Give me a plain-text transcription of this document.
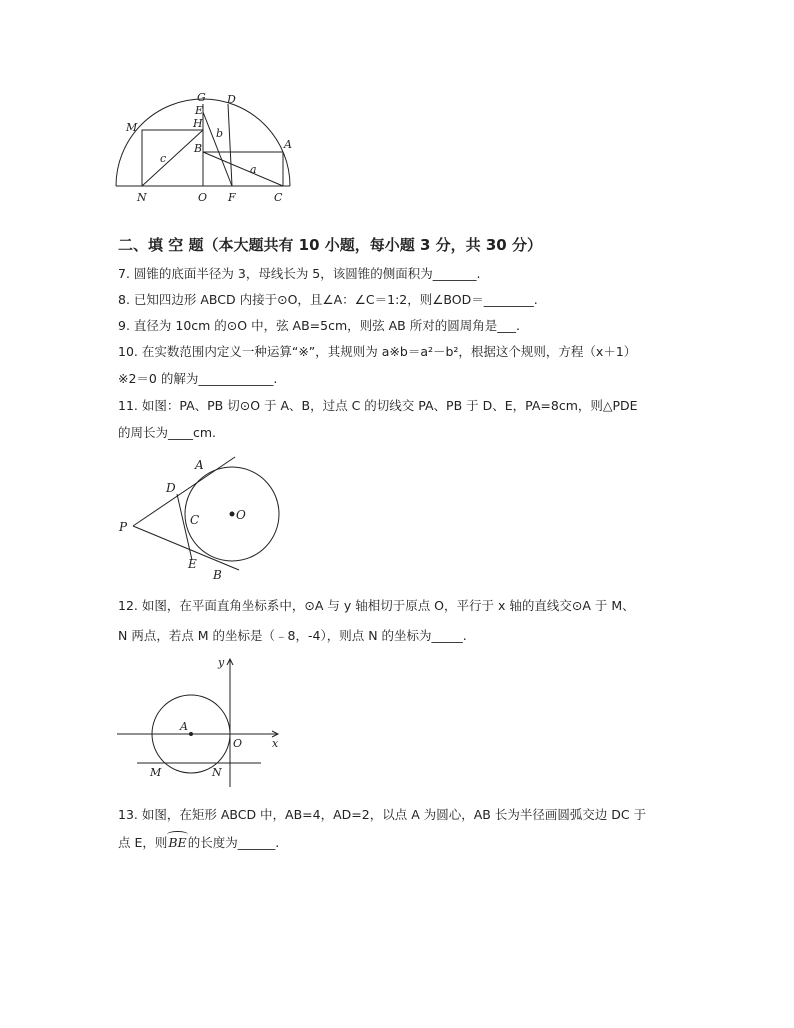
G D
E
H
M	b
B	A
c
a
N	O F	C
二、填 空 题（本大题共有 10 小题，每小题 3 分，共 30 分）
7. 圆锥的底面半径为 3，母线长为 5，该圆锥的侧面积为_______.
8. 已知四边形 ABCD 内接于⊙O，且∠A：∠C＝1:2，则∠BOD＝________.
9. 直径为 10cm 的⊙O 中，弦 AB=5cm，则弦 AB 所对的圆周角是___.
10. 在实数范围内定义一种运算“※”，其规则为 a※b＝a²－b²，根据这个规则，方程（x＋1）
※2＝0 的解为____________.
11. 如图：PA、PB 切⊙O 于 A、B，过点 C 的切线交 PA、PB 于 D、E，PA=8cm，则△PDE
的周长为____cm.
A
D
P	C	O
E
B
12. 如图，在平面直角坐标系中，⊙A 与 y 轴相切于原点 O，平行于 x 轴的直线交⊙A 于 M、
N 两点，若点 M 的坐标是（﹣8，-4），则点 N 的坐标为_____.
y
A
O	x
M	N
13. 如图，在矩形 ABCD 中，AB=4，AD=2，以点 A 为圆心，AB 长为半径画圆弧交边 DC 于
点 E，则
BE的长度为______.
